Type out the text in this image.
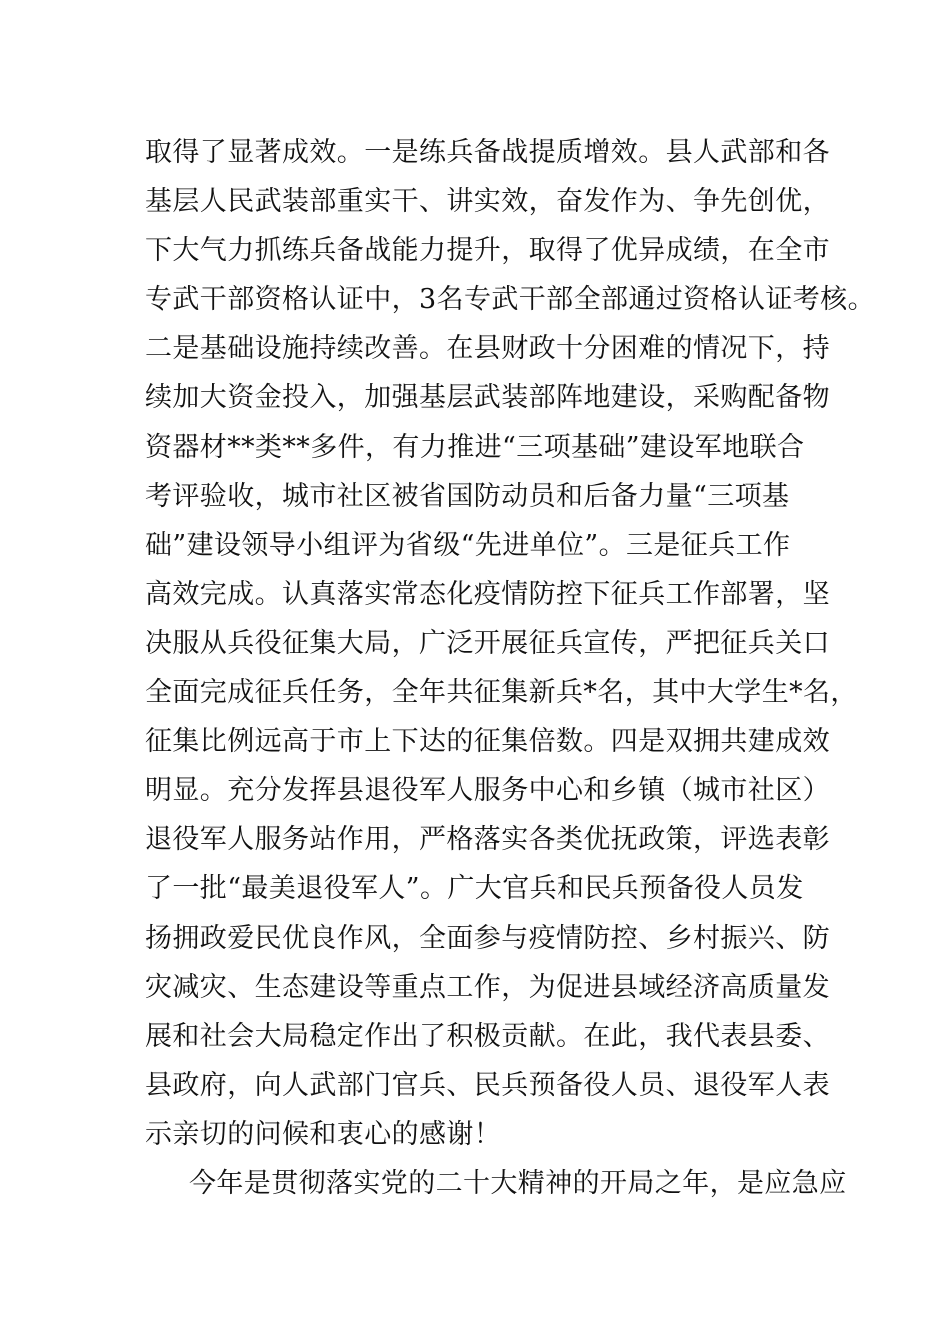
取得了显著成效。一是练兵备战提质增效。县人武部和各
基层人民武装部重实干、讲实效，奋发作为、争先创优，
下大气力抓练兵备战能力提升，取得了优异成绩，在全市
专武干部资格认证中，3名专武干部全部通过资格认证考核。
二是基础设施持续改善。在县财政十分困难的情况下，持
续加大资金投入，加强基层武装部阵地建设，采购配备物
资器材**类**多件，有力推进“三项基础”建设军地联合
考评验收，城市社区被省国防动员和后备力量“三项基
础”建设领导小组评为省级“先进单位”。三是征兵工作
高效完成。认真落实常态化疫情防控下征兵工作部署，坚
决服从兵役征集大局，广泛开展征兵宣传，严把征兵关口
全面完成征兵任务，全年共征集新兵*名，其中大学生*名，
征集比例远高于市上下达的征集倍数。四是双拥共建成效
明显。充分发挥县退役军人服务中心和乡镇（城市社区）
退役军人服务站作用，严格落实各类优抚政策，评选表彰
了一批“最美退役军人”。广大官兵和民兵预备役人员发
扬拥政爱民优良作风，全面参与疫情防控、乡村振兴、防
灾减灾、生态建设等重点工作，为促进县域经济高质量发
展和社会大局稳定作出了积极贡献。在此，我代表县委、
县政府，向人武部门官兵、民兵预备役人员、退役军人表
示亲切的问候和衷心的感谢！
今年是贯彻落实党的二十大精神的开局之年，是应急应
